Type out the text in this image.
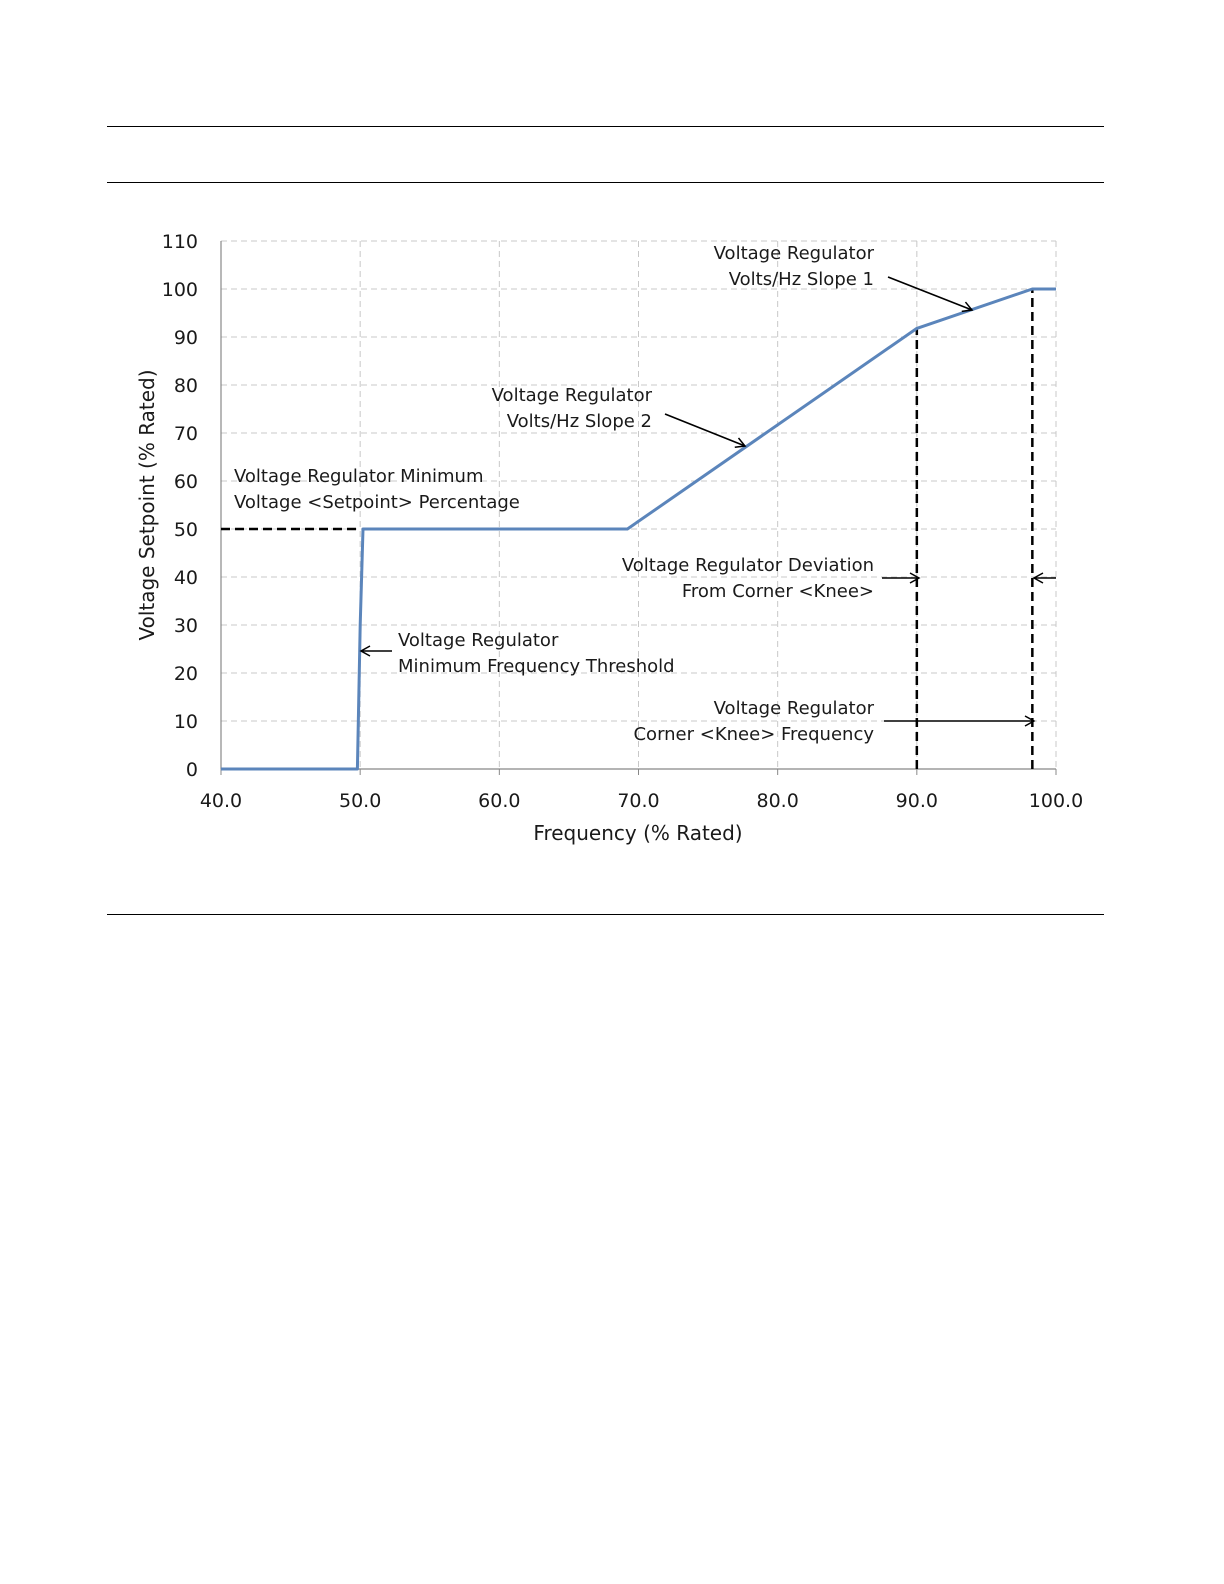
0
10
20
30
40
50
60
70
80
90
100
110
40.0	50.0	60.0	70.0	80.0	90.0	100.0
Voltage Regulator
Volts/Hz Slope 1
Voltage Regulator
Volts/Hz Slope 2
Voltage Regulator Minimum
Voltage <Setpoint> Percentage
Voltage Regulator Deviation
From Corner <Knee>
Voltage Regulator
Minimum Frequency Threshold
Voltage Regulator
Corner <Knee> Frequency
Frequency (% Rated)
Voltage Setpoint (% Rated)
